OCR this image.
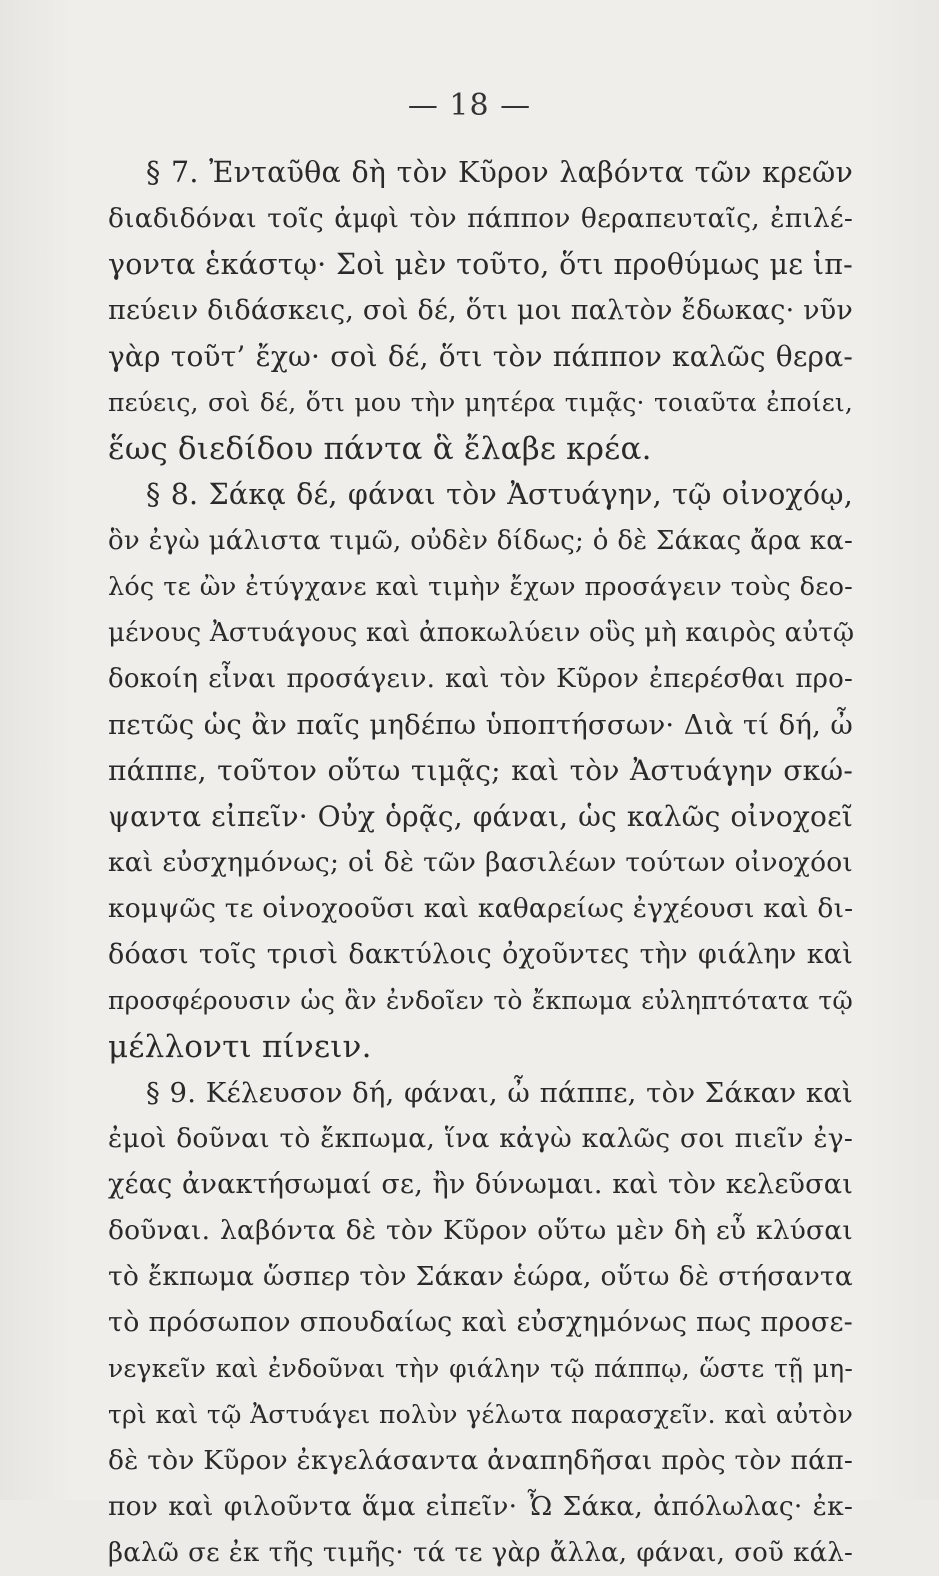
— 18 —
§ 7. Ἐνταῦθα δὴ τὸν Κῦρον λαβόντα τῶν κρεῶν
διαδιδόναι τοῖς ἀμφὶ τὸν πάππον θεραπευταῖς, ἐπιλέ-
γοντα ἑκάστῳ· Σοὶ μὲν τοῦτο, ὅτι προθύμως με ἱπ-
πεύειν διδάσκεις, σοὶ δέ, ὅτι μοι παλτὸν ἔδωκας· νῦν
γὰρ τοῦτ’ ἔχω· σοὶ δέ, ὅτι τὸν πάππον καλῶς θερα-
πεύεις, σοὶ δέ, ὅτι μου τὴν μητέρα τιμᾷς· τοιαῦτα ἐποίει,
ἕως διεδίδου πάντα ἃ ἔλαβε κρέα.
§ 8. Σάκᾳ δέ, φάναι τὸν Ἀστυάγην, τῷ οἰνοχόῳ,
ὃν ἐγὼ μάλιστα τιμῶ, οὐδὲν δίδως; ὁ δὲ Σάκας ἄρα κα-
λός τε ὢν ἐτύγχανε καὶ τιμὴν ἔχων προσάγειν τοὺς δεο-
μένους Ἀστυάγους καὶ ἀποκωλύειν οὓς μὴ καιρὸς αὐτῷ
δοκοίη εἶναι προσάγειν. καὶ τὸν Κῦρον ἐπερέσθαι προ-
πετῶς ὡς ἂν παῖς μηδέπω ὑποπτήσσων· Διὰ τί δή, ὦ
πάππε, τοῦτον οὕτω τιμᾷς; καὶ τὸν Ἀστυάγην σκώ-
ψαντα εἰπεῖν· Οὐχ ὁρᾷς, φάναι, ὡς καλῶς οἰνοχοεῖ
καὶ εὐσχημόνως; οἱ δὲ τῶν βασιλέων τούτων οἰνοχόοι
κομψῶς τε οἰνοχοοῦσι καὶ καθαρείως ἐγχέουσι καὶ δι-
δόασι τοῖς τρισὶ δακτύλοις ὀχοῦντες τὴν φιάλην καὶ
προσφέρουσιν ὡς ἂν ἐνδοῖεν τὸ ἔκπωμα εὐληπτότατα τῷ
μέλλοντι πίνειν.
§ 9. Κέλευσον δή, φάναι, ὦ πάππε, τὸν Σάκαν καὶ
ἐμοὶ δοῦναι τὸ ἔκπωμα, ἵνα κἀγὼ καλῶς σοι πιεῖν ἐγ-
χέας ἀνακτήσωμαί σε, ἢν δύνωμαι. καὶ τὸν κελεῦσαι
δοῦναι. λαβόντα δὲ τὸν Κῦρον οὕτω μὲν δὴ εὖ κλύσαι
τὸ ἔκπωμα ὥσπερ τὸν Σάκαν ἑώρα, οὕτω δὲ στήσαντα
τὸ πρόσωπον σπουδαίως καὶ εὐσχημόνως πως προσε-
νεγκεῖν καὶ ἐνδοῦναι τὴν φιάλην τῷ πάππῳ, ὥστε τῇ μη-
τρὶ καὶ τῷ Ἀστυάγει πολὺν γέλωτα παρασχεῖν. καὶ αὐτὸν
δὲ τὸν Κῦρον ἐκγελάσαντα ἀναπηδῆσαι πρὸς τὸν πάπ-
πον καὶ φιλοῦντα ἅμα εἰπεῖν· Ὦ Σάκα, ἀπόλωλας· ἐκ-
βαλῶ σε ἐκ τῆς τιμῆς· τά τε γὰρ ἄλλα, φάναι, σοῦ κάλ-
